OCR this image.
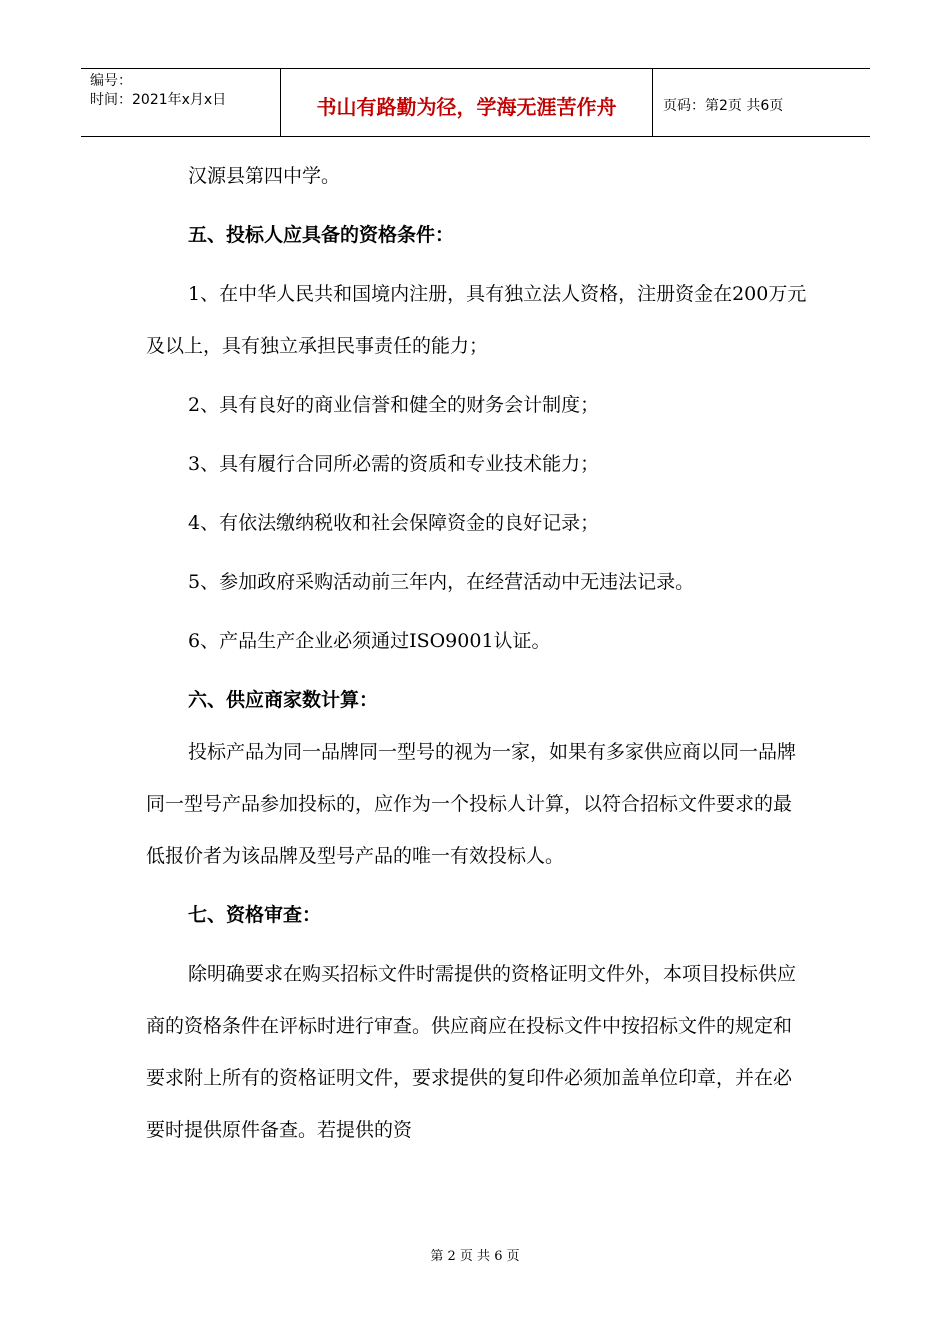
编号：
时间：2021年x月x日	书山有路勤为径，学海无涯苦作舟	页码：第2页 共6页

汉源县第四中学。

五、投标人应具备的资格条件：

1、在中华人民共和国境内注册，具有独立法人资格，注册资金在200万元及以上，具有独立承担民事责任的能力；

2、具有良好的商业信誉和健全的财务会计制度；

3、具有履行合同所必需的资质和专业技术能力；

4、有依法缴纳税收和社会保障资金的良好记录；

5、参加政府采购活动前三年内，在经营活动中无违法记录。

6、产品生产企业必须通过ISO9001认证。

六、供应商家数计算：

投标产品为同一品牌同一型号的视为一家，如果有多家供应商以同一品牌同一型号产品参加投标的，应作为一个投标人计算，以符合招标文件要求的最低报价者为该品牌及型号产品的唯一有效投标人。

七、资格审查：

除明确要求在购买招标文件时需提供的资格证明文件外，本项目投标供应商的资格条件在评标时进行审查。供应商应在投标文件中按招标文件的规定和要求附上所有的资格证明文件，要求提供的复印件必须加盖单位印章，并在必要时提供原件备查。若提供的资

第 2 页 共 6 页
